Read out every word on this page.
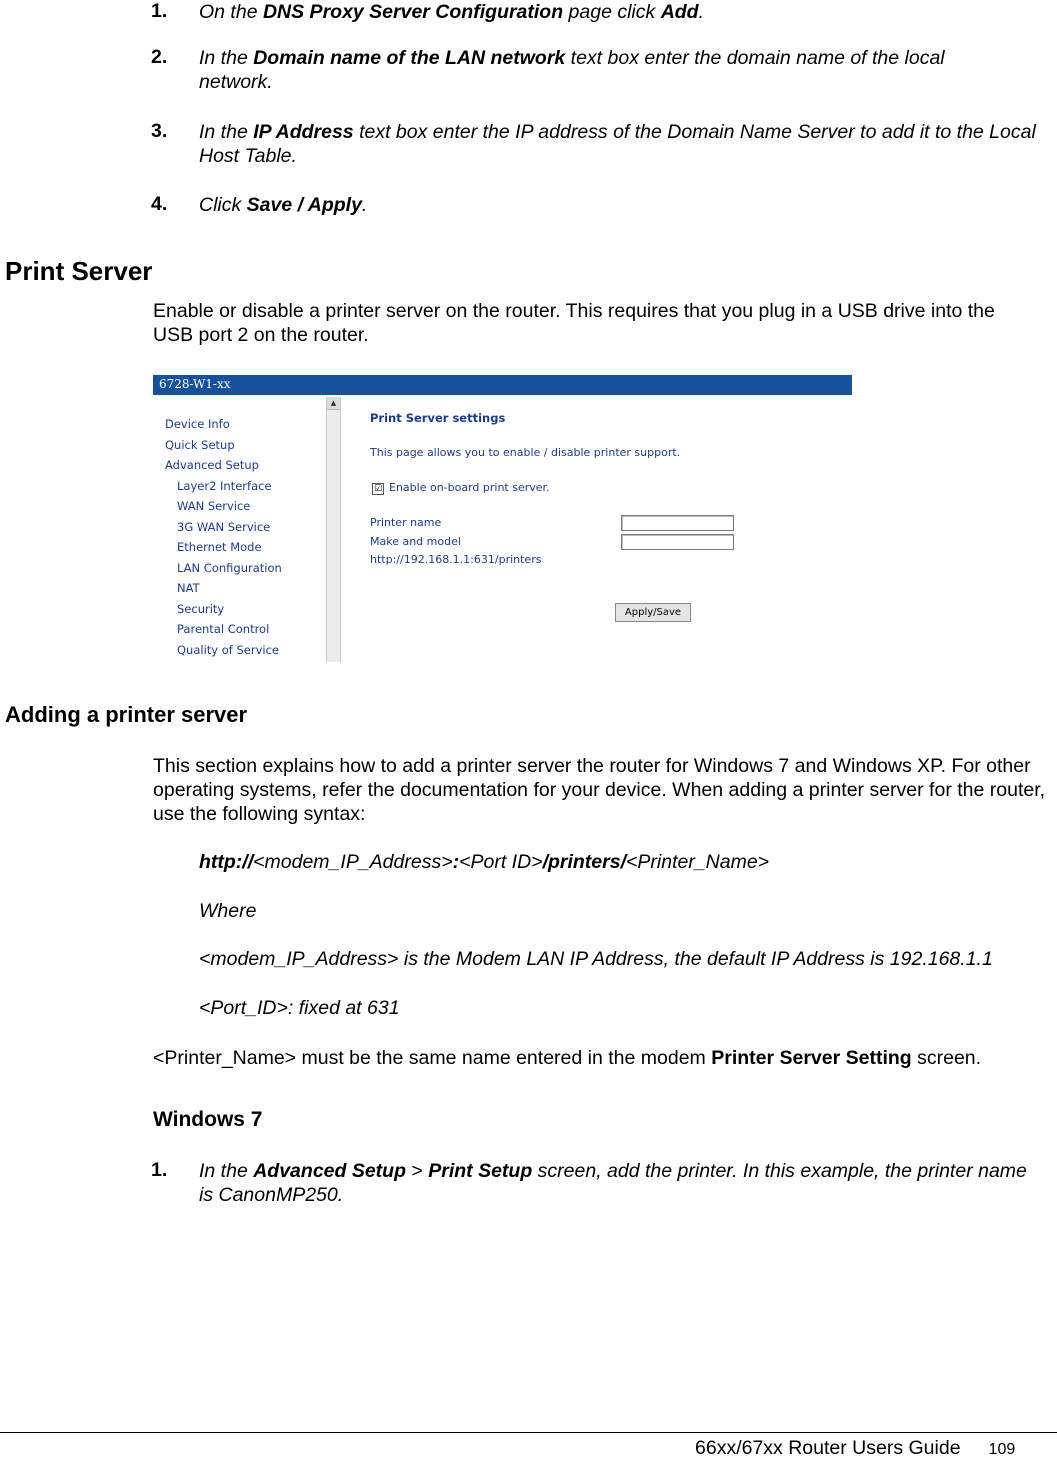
1. On the DNS Proxy Server Configuration page click Add.
2. In the Domain name of the LAN network text box enter the domain name of the local network.
3. In the IP Address text box enter the IP address of the Domain Name Server to add it to the Local Host Table.
4. Click Save / Apply.
Print Server
Enable or disable a printer server on the router. This requires that you plug in a USB drive into the USB port 2 on the router.
6728-W1-xx
Device Info
Quick Setup
Advanced Setup
Layer2 Interface
WAN Service
3G WAN Service
Ethernet Mode
LAN Configuration
NAT
Security
Parental Control
Quality of Service
▲
Print Server settings
This page allows you to enable / disable printer support.
☑ Enable on-board print server.
Printer name
Make and model
http://192.168.1.1:631/printers
Apply/Save
Adding a printer server
This section explains how to add a printer server the router for Windows 7 and Windows XP. For other operating systems, refer the documentation for your device. When adding a printer server for the router, use the following syntax:
http://<modem_IP_Address>:<Port ID>/printers/<Printer_Name>
Where
<modem_IP_Address> is the Modem LAN IP Address, the default IP Address is 192.168.1.1
<Port_ID>: fixed at 631
<Printer_Name> must be the same name entered in the modem Printer Server Setting screen.
Windows 7
1. In the Advanced Setup > Print Setup screen, add the printer. In this example, the printer name is CanonMP250.
66xx/67xx Router Users Guide 109
